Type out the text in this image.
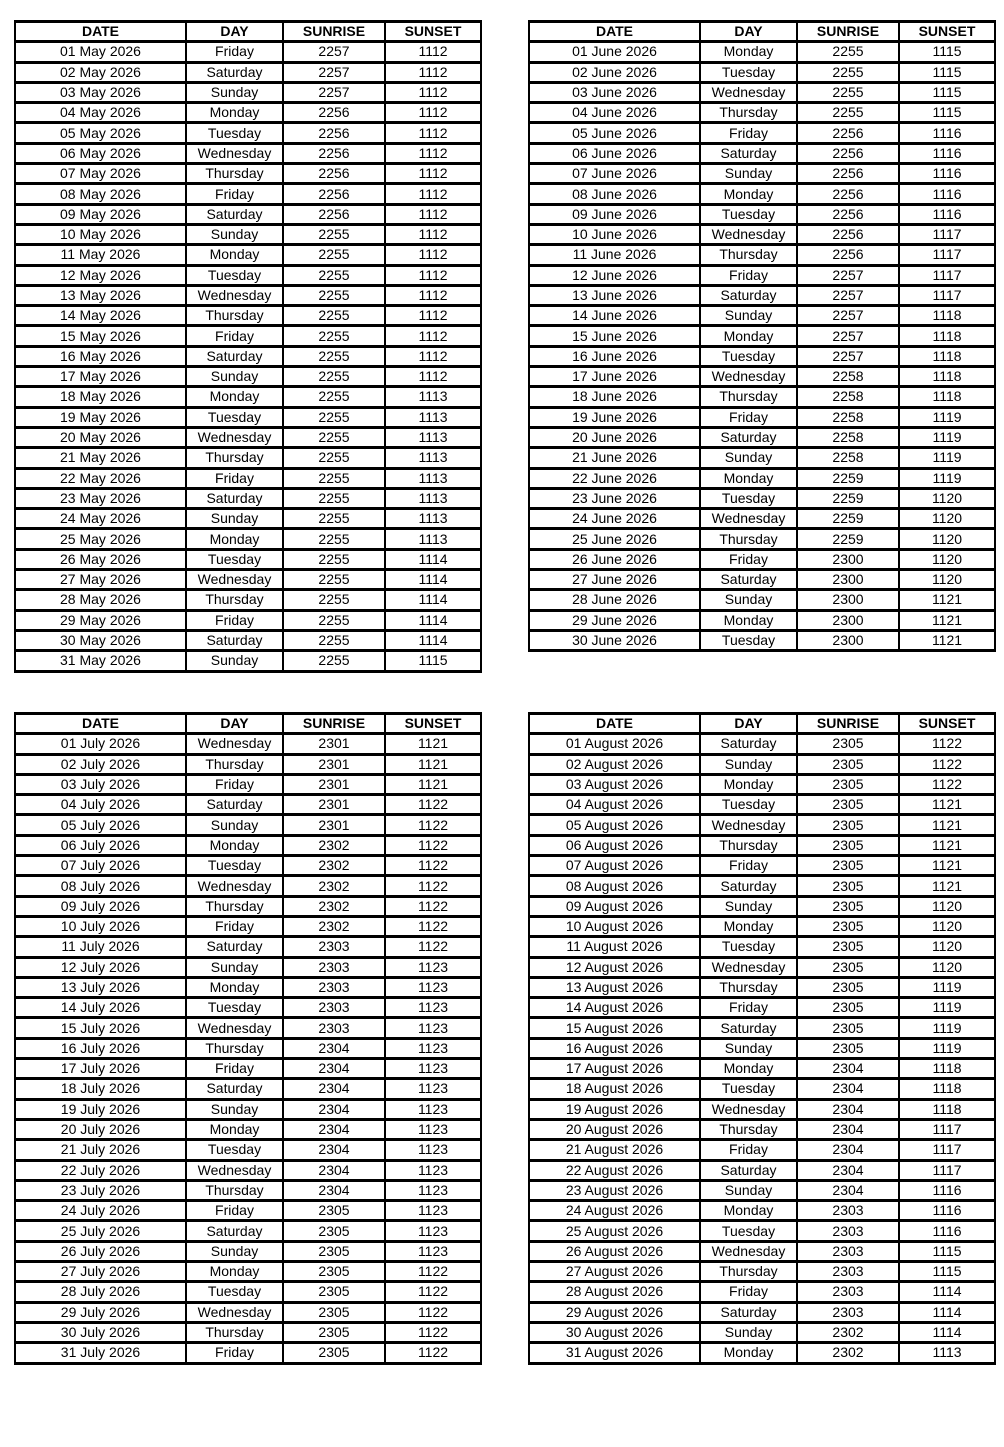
DATE	DAY	SUNRISE	SUNSET
01 May 2026	Friday	2257	1112
02 May 2026	Saturday	2257	1112
03 May 2026	Sunday	2257	1112
04 May 2026	Monday	2256	1112
05 May 2026	Tuesday	2256	1112
06 May 2026	Wednesday	2256	1112
07 May 2026	Thursday	2256	1112
08 May 2026	Friday	2256	1112
09 May 2026	Saturday	2256	1112
10 May 2026	Sunday	2255	1112
11 May 2026	Monday	2255	1112
12 May 2026	Tuesday	2255	1112
13 May 2026	Wednesday	2255	1112
14 May 2026	Thursday	2255	1112
15 May 2026	Friday	2255	1112
16 May 2026	Saturday	2255	1112
17 May 2026	Sunday	2255	1112
18 May 2026	Monday	2255	1113
19 May 2026	Tuesday	2255	1113
20 May 2026	Wednesday	2255	1113
21 May 2026	Thursday	2255	1113
22 May 2026	Friday	2255	1113
23 May 2026	Saturday	2255	1113
24 May 2026	Sunday	2255	1113
25 May 2026	Monday	2255	1113
26 May 2026	Tuesday	2255	1114
27 May 2026	Wednesday	2255	1114
28 May 2026	Thursday	2255	1114
29 May 2026	Friday	2255	1114
30 May 2026	Saturday	2255	1114
31 May 2026	Sunday	2255	1115
DATE	DAY	SUNRISE	SUNSET
01 June 2026	Monday	2255	1115
02 June 2026	Tuesday	2255	1115
03 June 2026	Wednesday	2255	1115
04 June 2026	Thursday	2255	1115
05 June 2026	Friday	2256	1116
06 June 2026	Saturday	2256	1116
07 June 2026	Sunday	2256	1116
08 June 2026	Monday	2256	1116
09 June 2026	Tuesday	2256	1116
10 June 2026	Wednesday	2256	1117
11 June 2026	Thursday	2256	1117
12 June 2026	Friday	2257	1117
13 June 2026	Saturday	2257	1117
14 June 2026	Sunday	2257	1118
15 June 2026	Monday	2257	1118
16 June 2026	Tuesday	2257	1118
17 June 2026	Wednesday	2258	1118
18 June 2026	Thursday	2258	1118
19 June 2026	Friday	2258	1119
20 June 2026	Saturday	2258	1119
21 June 2026	Sunday	2258	1119
22 June 2026	Monday	2259	1119
23 June 2026	Tuesday	2259	1120
24 June 2026	Wednesday	2259	1120
25 June 2026	Thursday	2259	1120
26 June 2026	Friday	2300	1120
27 June 2026	Saturday	2300	1120
28 June 2026	Sunday	2300	1121
29 June 2026	Monday	2300	1121
30 June 2026	Tuesday	2300	1121
DATE	DAY	SUNRISE	SUNSET
01 July 2026	Wednesday	2301	1121
02 July 2026	Thursday	2301	1121
03 July 2026	Friday	2301	1121
04 July 2026	Saturday	2301	1122
05 July 2026	Sunday	2301	1122
06 July 2026	Monday	2302	1122
07 July 2026	Tuesday	2302	1122
08 July 2026	Wednesday	2302	1122
09 July 2026	Thursday	2302	1122
10 July 2026	Friday	2302	1122
11 July 2026	Saturday	2303	1122
12 July 2026	Sunday	2303	1123
13 July 2026	Monday	2303	1123
14 July 2026	Tuesday	2303	1123
15 July 2026	Wednesday	2303	1123
16 July 2026	Thursday	2304	1123
17 July 2026	Friday	2304	1123
18 July 2026	Saturday	2304	1123
19 July 2026	Sunday	2304	1123
20 July 2026	Monday	2304	1123
21 July 2026	Tuesday	2304	1123
22 July 2026	Wednesday	2304	1123
23 July 2026	Thursday	2304	1123
24 July 2026	Friday	2305	1123
25 July 2026	Saturday	2305	1123
26 July 2026	Sunday	2305	1123
27 July 2026	Monday	2305	1122
28 July 2026	Tuesday	2305	1122
29 July 2026	Wednesday	2305	1122
30 July 2026	Thursday	2305	1122
31 July 2026	Friday	2305	1122
DATE	DAY	SUNRISE	SUNSET
01 August 2026	Saturday	2305	1122
02 August 2026	Sunday	2305	1122
03 August 2026	Monday	2305	1122
04 August 2026	Tuesday	2305	1121
05 August 2026	Wednesday	2305	1121
06 August 2026	Thursday	2305	1121
07 August 2026	Friday	2305	1121
08 August 2026	Saturday	2305	1121
09 August 2026	Sunday	2305	1120
10 August 2026	Monday	2305	1120
11 August 2026	Tuesday	2305	1120
12 August 2026	Wednesday	2305	1120
13 August 2026	Thursday	2305	1119
14 August 2026	Friday	2305	1119
15 August 2026	Saturday	2305	1119
16 August 2026	Sunday	2305	1119
17 August 2026	Monday	2304	1118
18 August 2026	Tuesday	2304	1118
19 August 2026	Wednesday	2304	1118
20 August 2026	Thursday	2304	1117
21 August 2026	Friday	2304	1117
22 August 2026	Saturday	2304	1117
23 August 2026	Sunday	2304	1116
24 August 2026	Monday	2303	1116
25 August 2026	Tuesday	2303	1116
26 August 2026	Wednesday	2303	1115
27 August 2026	Thursday	2303	1115
28 August 2026	Friday	2303	1114
29 August 2026	Saturday	2303	1114
30 August 2026	Sunday	2302	1114
31 August 2026	Monday	2302	1113
